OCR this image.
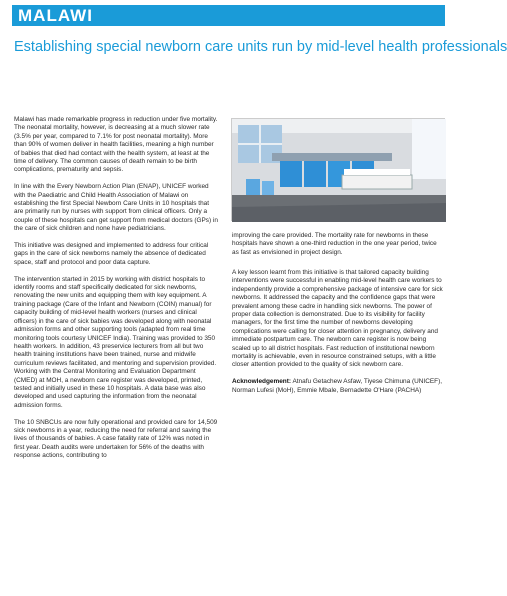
MALAWI
Establishing special newborn care units run by mid-level health professionals

Malawi has made remarkable progress in reduction under five mortality. The neonatal mortality, however, is decreasing at a much slower rate (3.5% per year, compared to 7.1% for post neonatal mortality). More than 90% of women deliver in health facilities, meaning a high number of babies that died had contact with the health system, at least at the time of delivery. The common causes of death remain to be birth complications, prematurity and sepsis.

In line with the Every Newborn Action Plan (ENAP), UNICEF worked with the Paediatric and Child Health Association of Malawi on establishing the first Special Newborn Care Units in 10 hospitals that are primarily run by nurses with support from clinical officers. Only a couple of these hospitals can get support from medical doctors (GPs) in the care of sick children and none have pediatricians.

This initiative was designed and implemented to address four critical gaps in the care of sick newborns namely the absence of dedicated space, staff and protocol and poor data capture.

The intervention started in 2015 by working with district hospitals to identify rooms and staff specifically dedicated for sick newborns, renovating the new units and equipping them with key equipment. A training package (Care of the Infant and Newborn (COIN) manual) for capacity building of mid-level health workers (nurses and clinical officers) in the care of sick babies was developed along with neonatal admission forms and other supporting tools (adapted from real time monitoring tools courtesy UNICEF India). Training was provided to 350 health workers. In addition, 43 preservice lecturers from all but two health training institutions have been trained, nurse and midwife curriculum reviews facilitated, and mentoring and supervision provided. Working with the Central Monitoring and Evaluation Department (CMED) at MOH, a newborn care register was developed, printed, tested and initially used in these 10 hospitals. A data base was also developed and used capturing the information from the neonatal admission forms.

The 10 SNBCUs are now fully operational and provided care for 14,509 sick newborns in a year, reducing the need for referral and saving the lives of thousands of babies. A case fatality rate of 12% was noted in first year. Death audits were undertaken for 56% of the deaths with response actions, contributing to

improving the care provided. The mortality rate for newborns in these hospitals have shown a one-third reduction in the one year period, twice as fast as envisioned in project design.

A key lesson learnt from this initiative is that tailored capacity building interventions were successful in enabling mid-level health care workers to independently provide a comprehensive package of intensive care for sick newborns. It addressed the capacity and the confidence gaps that were prevalent among these cadre in handling sick newborns. The power of proper data collection is demonstrated. Due to its visibility for facility managers, for the first time the number of newborns developing complications were calling for closer attention in pregnancy, delivery and immediate postpartum care. The newborn care register is now being scaled up to all district hospitals. Fast reduction of institutional newborn mortality is achievable, even in resource constrained setups, with a little closer attention provided to the quality of sick newborn care.

Acknowledgement: Atnafu Getachew Asfaw, Tiyese Chimuna (UNICEF), Norman Lufesi (MoH), Emmie Mbale, Bernadette O'Hare (PACHA)
